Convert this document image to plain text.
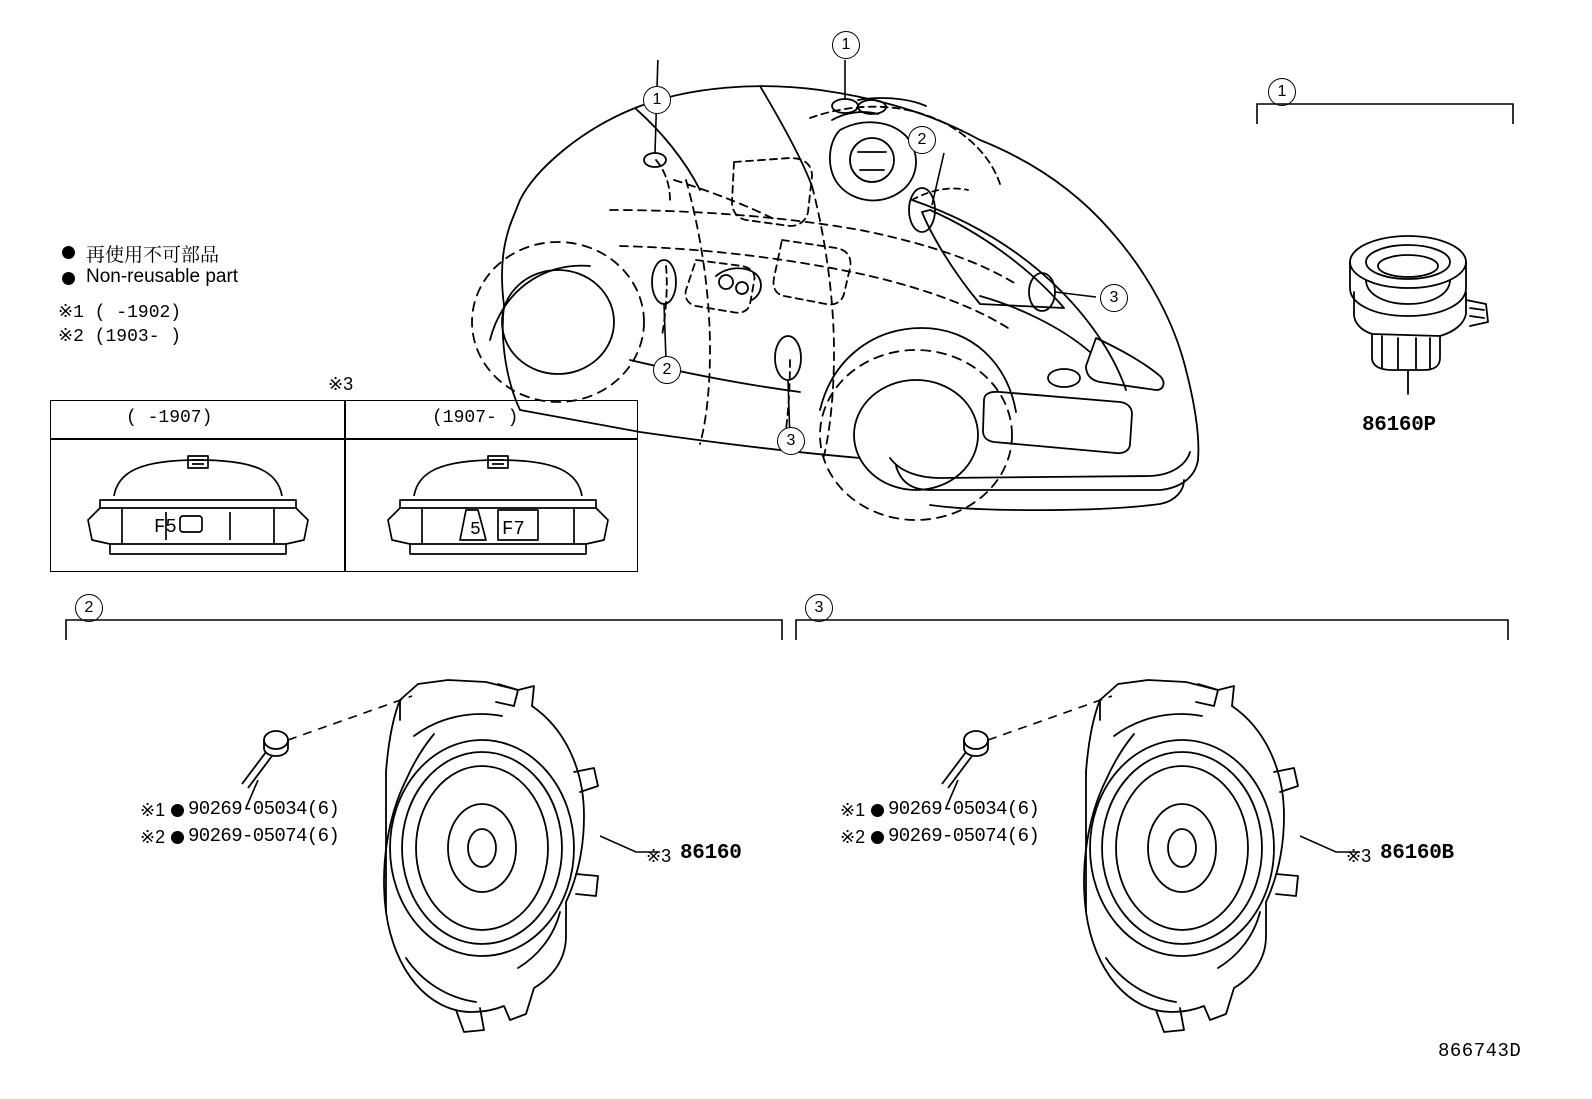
1
1
2
3
2
3
再使用不可部品
Non-reusable part
※1 ( -1902)
※2 (1903- )
※3
( -1907)	(1907- )
F5	5 F7
1
86160P
2
※1 90269-05034(6)
※2 90269-05074(6)
※3 86160
3
※1 90269-05034(6)
※2 90269-05074(6)
※3 86160B
866743D
